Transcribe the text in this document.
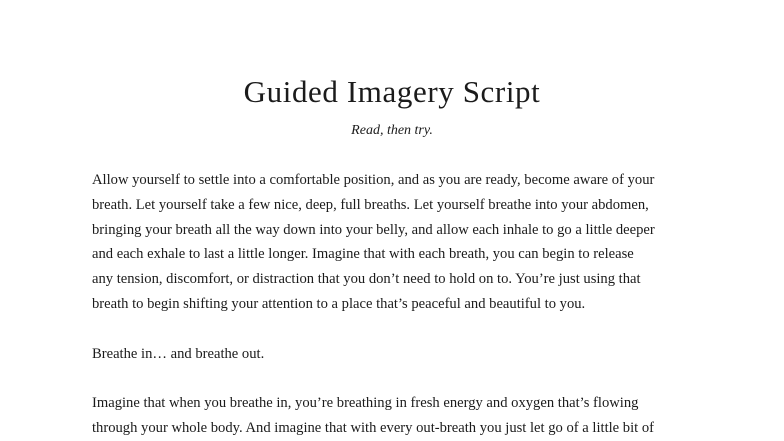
Guided Imagery Script
Read, then try.

Allow yourself to settle into a comfortable position, and as you are ready, become aware of your
breath. Let yourself take a few nice, deep, full breaths. Let yourself breathe into your abdomen,
bringing your breath all the way down into your belly, and allow each inhale to go a little deeper
and each exhale to last a little longer. Imagine that with each breath, you can begin to release
any tension, discomfort, or distraction that you don’t need to hold on to. You’re just using that
breath to begin shifting your attention to a place that’s peaceful and beautiful to you.

Breathe in… and breathe out.

Imagine that when you breathe in, you’re breathing in fresh energy and oxygen that’s flowing
through your whole body. And imagine that with every out-breath you just let go of a little bit of
